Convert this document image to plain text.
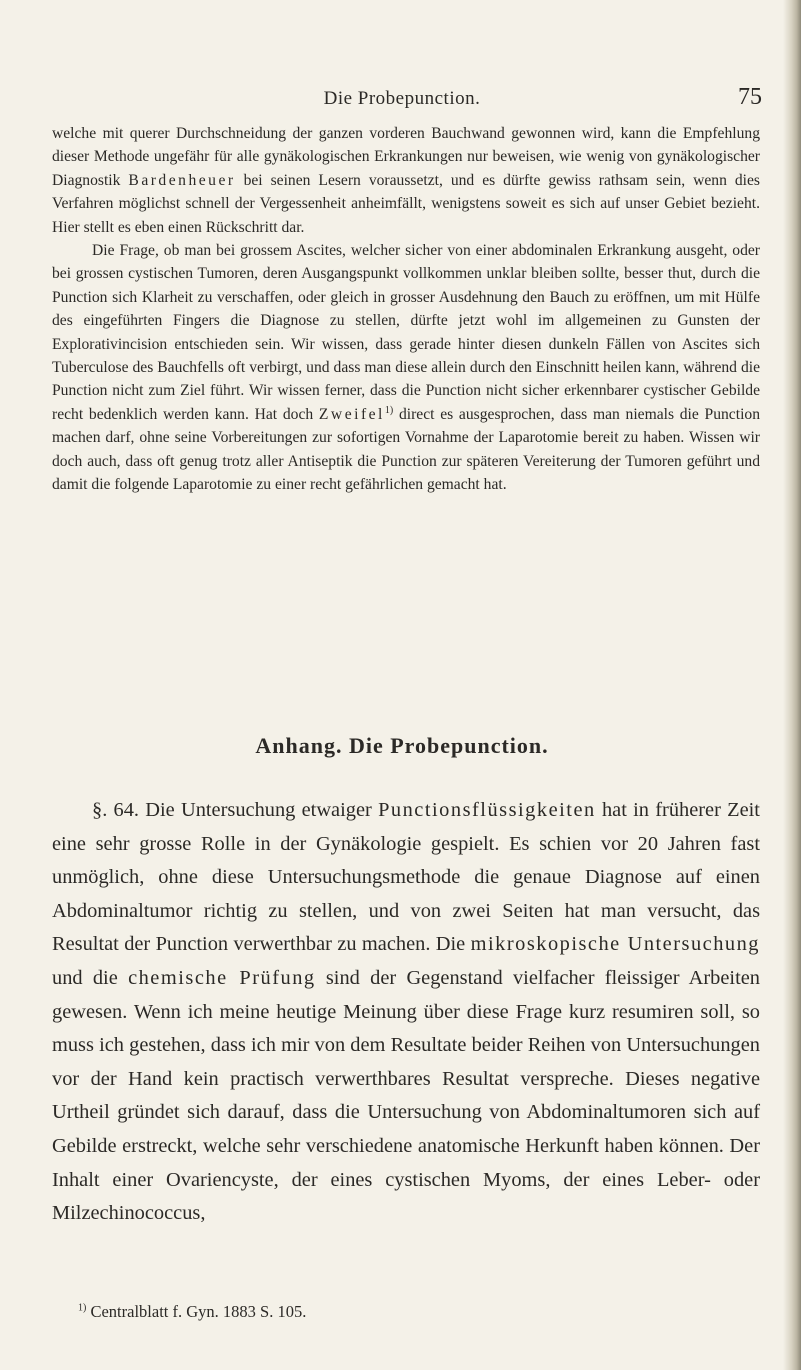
Die Probepunction.	75

welche mit querer Durchschneidung der ganzen vorderen Bauchwand gewonnen wird, kann die Empfehlung dieser Methode ungefähr für alle gynäkologischen Erkrankungen nur beweisen, wie wenig von gynäkologischer Diagnostik Bardenheuer bei seinen Lesern voraussetzt, und es dürfte gewiss rathsam sein, wenn dies Verfahren möglichst schnell der Vergessenheit anheimfällt, wenigstens soweit es sich auf unser Gebiet bezieht. Hier stellt es eben einen Rückschritt dar.

Die Frage, ob man bei grossem Ascites, welcher sicher von einer abdominalen Erkrankung ausgeht, oder bei grossen cystischen Tumoren, deren Ausgangspunkt vollkommen unklar bleiben sollte, besser thut, durch die Punction sich Klarheit zu verschaffen, oder gleich in grosser Ausdehnung den Bauch zu eröffnen, um mit Hülfe des eingeführten Fingers die Diagnose zu stellen, dürfte jetzt wohl im allgemeinen zu Gunsten der Explorativincision entschieden sein. Wir wissen, dass gerade hinter diesen dunkeln Fällen von Ascites sich Tuberculose des Bauchfells oft verbirgt, und dass man diese allein durch den Einschnitt heilen kann, während die Punction nicht zum Ziel führt. Wir wissen ferner, dass die Punction nicht sicher erkennbarer cystischer Gebilde recht bedenklich werden kann. Hat doch Zweifel$^{1)}$ direct es ausgesprochen, dass man niemals die Punction machen darf, ohne seine Vorbereitungen zur sofortigen Vornahme der Laparotomie bereit zu haben. Wissen wir doch auch, dass oft genug trotz aller Antiseptik die Punction zur späteren Vereiterung der Tumoren geführt und damit die folgende Laparotomie zu einer recht gefährlichen gemacht hat.

Anhang. Die Probepunction.

§. 64. Die Untersuchung etwaiger Punctionsflüssigkeiten hat in früherer Zeit eine sehr grosse Rolle in der Gynäkologie gespielt. Es schien vor 20 Jahren fast unmöglich, ohne diese Untersuchungsmethode die genaue Diagnose auf einen Abdominaltumor richtig zu stellen, und von zwei Seiten hat man versucht, das Resultat der Punction verwerthbar zu machen. Die mikroskopische Untersuchung und die chemische Prüfung sind der Gegenstand vielfacher fleissiger Arbeiten gewesen. Wenn ich meine heutige Meinung über diese Frage kurz resumiren soll, so muss ich gestehen, dass ich mir von dem Resultate beider Reihen von Untersuchungen vor der Hand kein practisch verwerthbares Resultat verspreche. Dieses negative Urtheil gründet sich darauf, dass die Untersuchung von Abdominaltumoren sich auf Gebilde erstreckt, welche sehr verschiedene anatomische Herkunft haben können. Der Inhalt einer Ovariencyste, der eines cystischen Myoms, der eines Leber- oder Milzechinococcus,

$^{1)}$ Centralblatt f. Gyn. 1883 S. 105.
